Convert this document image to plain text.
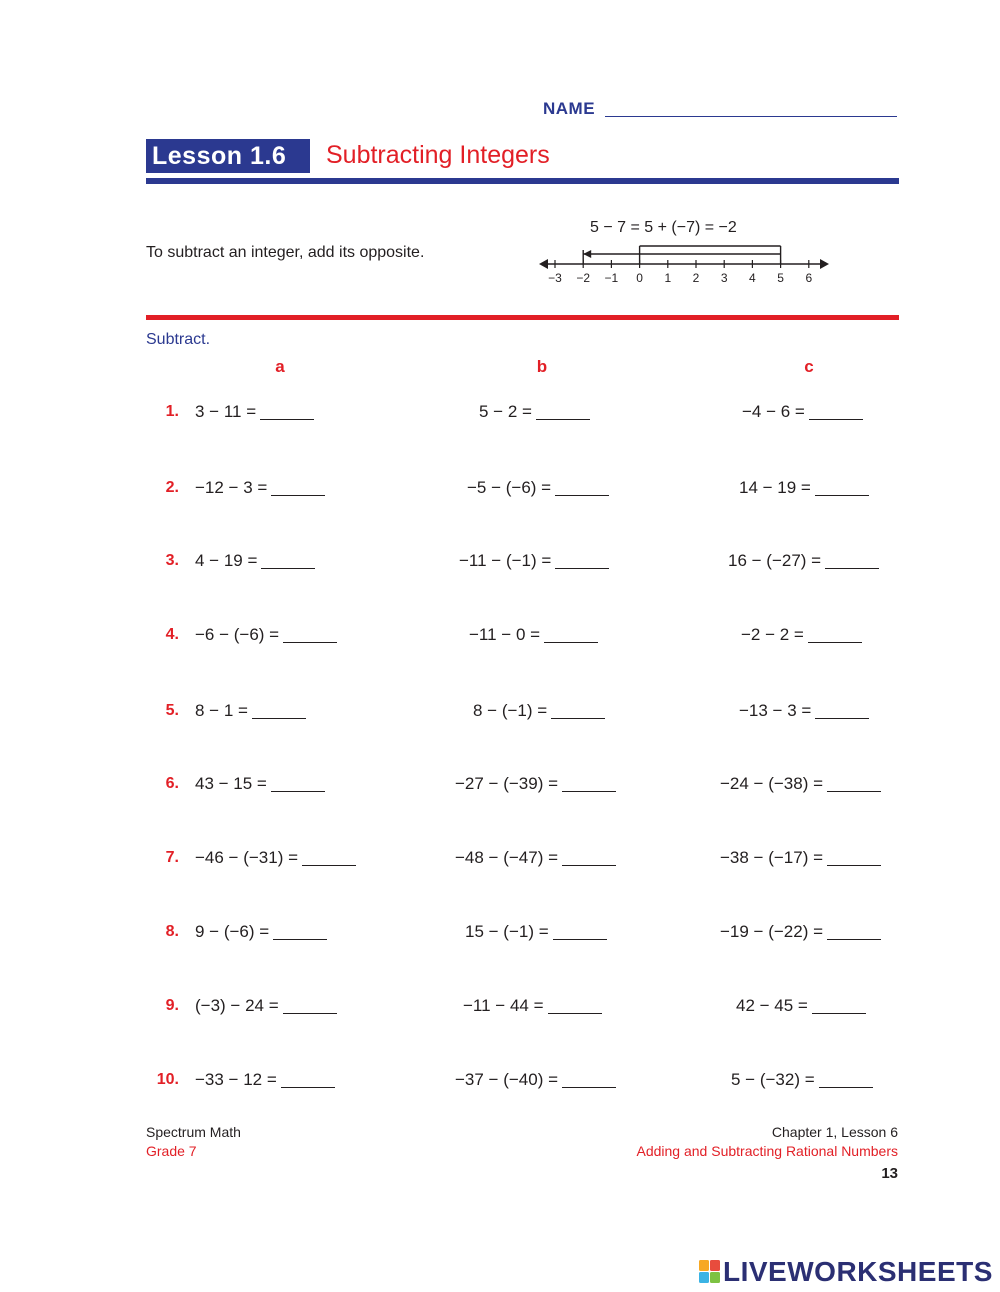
NAME
Lesson 1.6 Subtracting Integers
To subtract an integer, add its opposite.
5 − 7 = 5 + (−7) = −2
−3 −2 −1 0 1 2 3 4 5 6
Subtract.
a	b	c
1. 3 − 11 =	5 − 2 =	−4 − 6 =
2. −12 − 3 =	−5 − (−6) =	14 − 19 =
3. 4 − 19 =	−11 − (−1) =	16 − (−27) =
4. −6 − (−6) =	−11 − 0 =	−2 − 2 =
5. 8 − 1 =	8 − (−1) =	−13 − 3 =
6. 43 − 15 =	−27 − (−39) =	−24 − (−38) =
7. −46 − (−31) =	−48 − (−47) =	−38 − (−17) =
8. 9 − (−6) =	15 − (−1) =	−19 − (−22) =
9. (−3) − 24 =	−11 − 44 =	42 − 45 =
10. −33 − 12 =	−37 − (−40) =	5 − (−32) =
Spectrum Math
Grade 7
Chapter 1, Lesson 6
Adding and Subtracting Rational Numbers
13
LIVEWORKSHEETS
